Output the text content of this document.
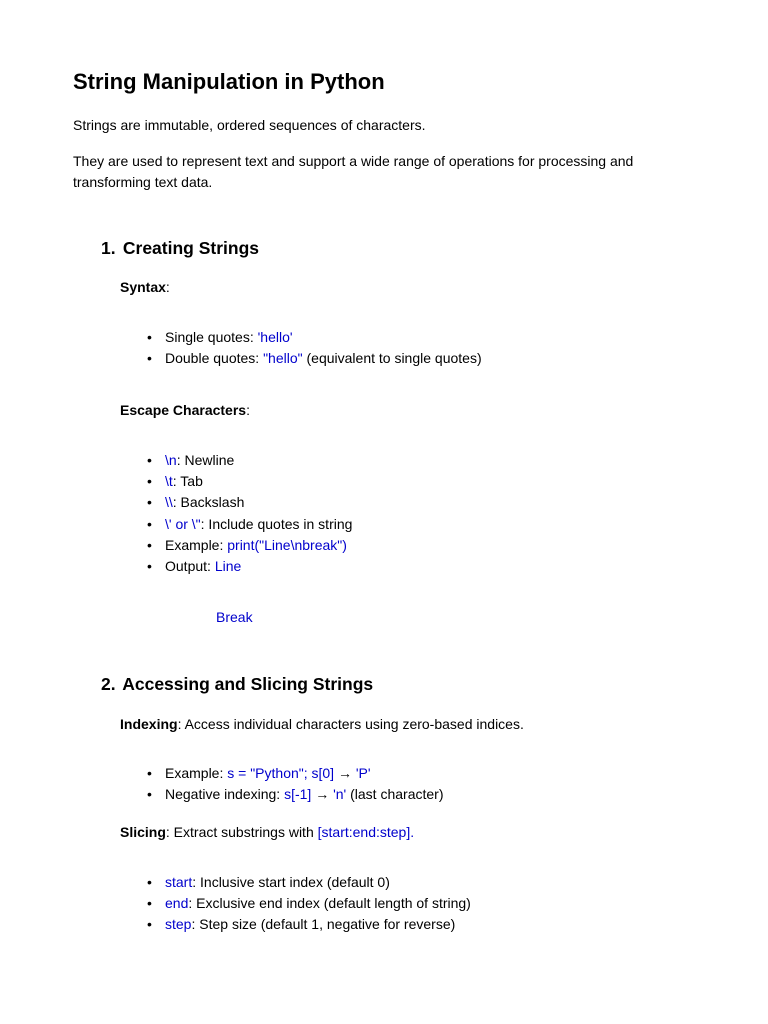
String Manipulation in Python
Strings are immutable, ordered sequences of characters.
They are used to represent text and support a wide range of operations for processing and transforming text data.
1. Creating Strings
Syntax:
• Single quotes: 'hello'
• Double quotes: "hello" (equivalent to single quotes)
Escape Characters:
• \n: Newline
• \t: Tab
• \\: Backslash
• \' or \": Include quotes in string
• Example: print("Line\nbreak")
• Output: Line
Break
2. Accessing and Slicing Strings
Indexing: Access individual characters using zero-based indices.
• Example: s = "Python"; s[0] → 'P'
• Negative indexing: s[-1] → 'n' (last character)
Slicing: Extract substrings with [start:end:step].
• start: Inclusive start index (default 0)
• end: Exclusive end index (default length of string)
• step: Step size (default 1, negative for reverse)
